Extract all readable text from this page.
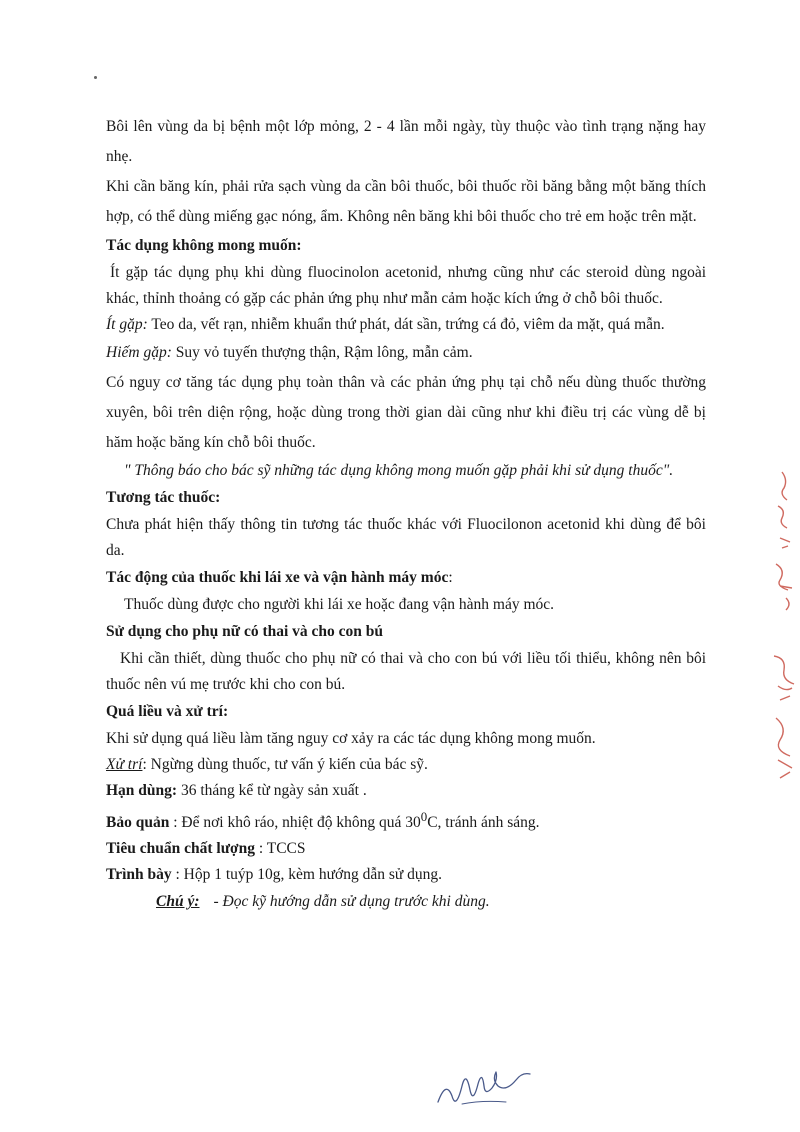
Bôi lên vùng da bị bệnh một lớp mỏng, 2 - 4 lần mỗi ngày, tùy thuộc vào tình trạng nặng hay nhẹ.

Khi cần băng kín, phải rửa sạch vùng da cần bôi thuốc, bôi thuốc rồi băng bằng một băng thích hợp, có thể dùng miếng gạc nóng, ẩm. Không nên băng khi bôi thuốc cho trẻ em hoặc trên mặt.

Tác dụng không mong muốn:

Ít gặp tác dụng phụ khi dùng fluocinolon acetonid, nhưng cũng như các steroid dùng ngoài khác, thỉnh thoảng có gặp các phản ứng phụ như mẫn cảm hoặc kích ứng ở chỗ bôi thuốc.

Ít gặp: Teo da, vết rạn, nhiễm khuẩn thứ phát, dát sần, trứng cá đỏ, viêm da mặt, quá mẫn.

Hiếm gặp: Suy vỏ tuyến thượng thận, Rậm lông, mẫn cảm.

Có nguy cơ tăng tác dụng phụ toàn thân và các phản ứng phụ tại chỗ nếu dùng thuốc thường xuyên, bôi trên diện rộng, hoặc dùng trong thời gian dài cũng như khi điều trị các vùng dễ bị hăm hoặc băng kín chỗ bôi thuốc.

" Thông báo cho bác sỹ những tác dụng không mong muốn gặp phải khi sử dụng thuốc".

Tương tác thuốc:

Chưa phát hiện thấy thông tin tương tác thuốc khác với Fluocilonon acetonid khi dùng để bôi da.

Tác động của thuốc khi lái xe và vận hành máy móc:

Thuốc dùng được cho người khi lái xe hoặc đang vận hành máy móc.

Sử dụng cho phụ nữ có thai và cho con bú

Khi cần thiết, dùng thuốc cho phụ nữ có thai và cho con bú với liều tối thiểu, không nên bôi thuốc nên vú mẹ trước khi cho con bú.

Quá liều và xử trí:

Khi sử dụng quá liều làm tăng nguy cơ xảy ra các tác dụng không mong muốn.

Xử trí: Ngừng dùng thuốc, tư vấn ý kiến của bác sỹ.

Hạn dùng: 36 tháng kể từ ngày sản xuất .

Bảo quản : Để nơi khô ráo, nhiệt độ không quá $30^0C$, tránh ánh sáng.

Tiêu chuẩn chất lượng : TCCS

Trình bày : Hộp 1 tuýp 10g, kèm hướng dẫn sử dụng.

Chú ý: - Đọc kỹ hướng dẫn sử dụng trước khi dùng.
